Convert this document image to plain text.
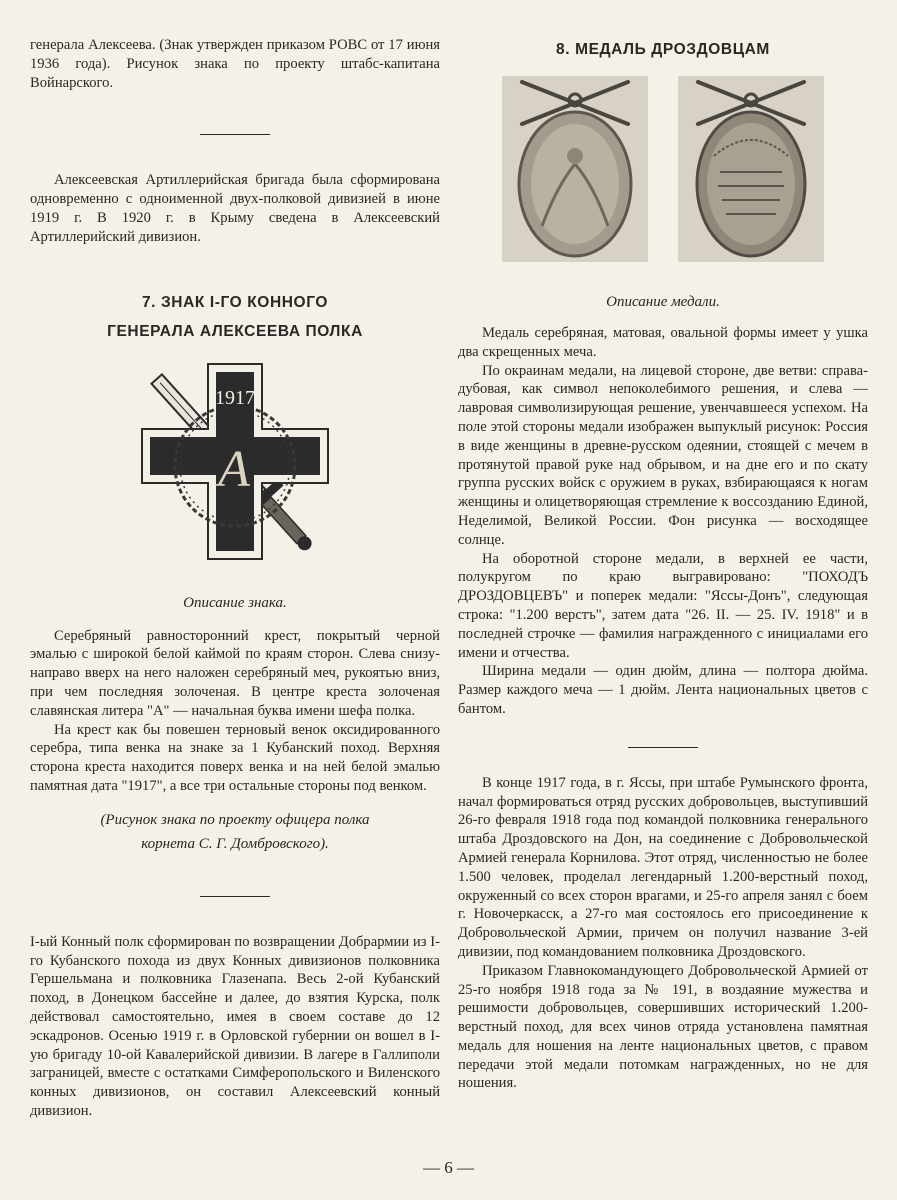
генерала Алексеева. (Знак утвержден приказом РОВС от 17 июня 1936 года). Рисунок знака по проекту штабс-капитана Войнарского.

Алексеевская Артиллерийская бригада была сформирована одновременно с одноименной двух-полковой дивизией в июне 1919 г. В 1920 г. в Крыму сведена в Алексеевский Артиллерийский дивизион.

7. ЗНАК I-ГО КОННОГО
ГЕНЕРАЛА АЛЕКСЕЕВА ПОЛКА
1917
А
Описание знака.

Серебряный равносторонний крест, покрытый черной эмалью с широкой белой каймой по краям сторон. Слева снизу-направо вверх на него наложен серебряный меч, рукоятью вниз, при чем последняя золоченая. В центре креста золоченая славянская литера "А" — начальная буква имени шефа полка.

На крест как бы повешен терновый венок оксидированного серебра, типа венка на знаке за 1 Кубанский поход. Верхняя сторона креста находится поверх венка и на ней белой эмалью памятная дата "1917", а все три остальные стороны под венком.

(Рисунок знака по проекту офицера полка
корнета С. Г. Домбровского).

I-ый Конный полк сформирован по возвращении Добрармии из I-го Кубанского похода из двух Конных дивизионов полковника Гершельмана и полковника Глазенапа. Весь 2-ой Кубанский поход, в Донецком бассейне и далее, до взятия Курска, полк действовал самостоятельно, имея в своем составе до 12 эскадронов. Осенью 1919 г. в Орловской губернии он вошел в I-ую бригаду 10-ой Кавалерийской дивизии. В лагере в Галлиполи заграницей, вместе с остатками Симферопольского и Виленского конных дивизионов, он составил Алексеевский конный дивизион.

8. МЕДАЛЬ ДРОЗДОВЦАМ
Описание медали.

Медаль серебряная, матовая, овальной формы имеет у ушка два скрещенных меча.

По окраинам медали, на лицевой стороне, две ветви: справа-дубовая, как символ непоколебимого решения, и слева — лавровая символизирующая решение, увенчавшееся успехом. На поле этой стороны медали изображен выпуклый рисунок: Россия в виде женщины в древне-русском одеянии, стоящей с мечем в протянутой правой руке над обрывом, и на дне его и по скату группа русских войск с оружием в руках, взбирающаяся к ногам женщины и олицетворяющая стремление к воссозданию Единой, Неделимой, Великой России. Фон рисунка — восходящее солнце.

На оборотной стороне медали, в верхней ее части, полукругом по краю выгравировано: "ПОХОДЪ ДРОЗДОВЦЕВЪ" и поперек медали: "Яссы-Донъ", следующая строка: "1.200 верстъ", затем дата "26. II. — 25. IV. 1918" и в последней строчке — фамилия награжденного с инициалами его имени и отчества.

Ширина медали — один дюйм, длина — полтора дюйма. Размер каждого меча — 1 дюйм. Лента национальных цветов с бантом.

В конце 1917 года, в г. Яссы, при штабе Румынского фронта, начал формироваться отряд русских добровольцев, выступивший 26-го февраля 1918 года под командой полковника генерального штаба Дроздовского на Дон, на соединение с Добровольческой Армией генерала Корнилова. Этот отряд, численностью не более 1.500 человек, проделал легендарный 1.200-верстный поход, окруженный со всех сторон врагами, и 25-го апреля занял с боем г. Новочеркасск, а 27-го мая состоялось его присоединение к Добровольческой Армии, причем он получил название 3-ей дивизии, под командованием полковника Дроздовского.

Приказом Главнокомандующего Добровольческой Армией от 25-го ноября 1918 года за № 191, в воздаяние мужества и решимости добровольцев, совершивших исторический 1.200-верстный поход, для всех чинов отряда установлена памятная медаль для ношения на ленте национальных цветов, с правом передачи этой медали потомкам награжденных, но не для ношения.

— 6 —
